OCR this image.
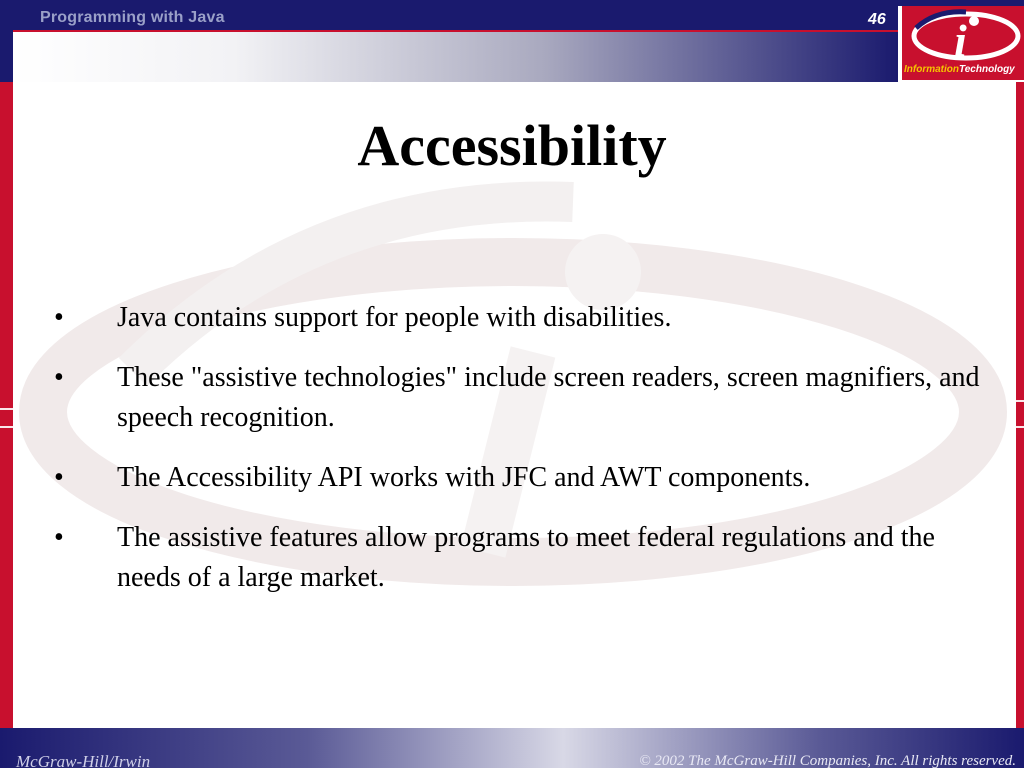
Programming with Java	46 i
InformationTechnology
Accessibility
• Java contains support for people with disabilities.
• These "assistive technologies" include screen readers, screen magnifiers, and speech recognition.
• The Accessibility API works with JFC and AWT components.
• The assistive features allow programs to meet federal regulations and the needs of a large market.
McGraw-Hill/Irwin	© 2002 The McGraw-Hill Companies, Inc. All rights reserved.
